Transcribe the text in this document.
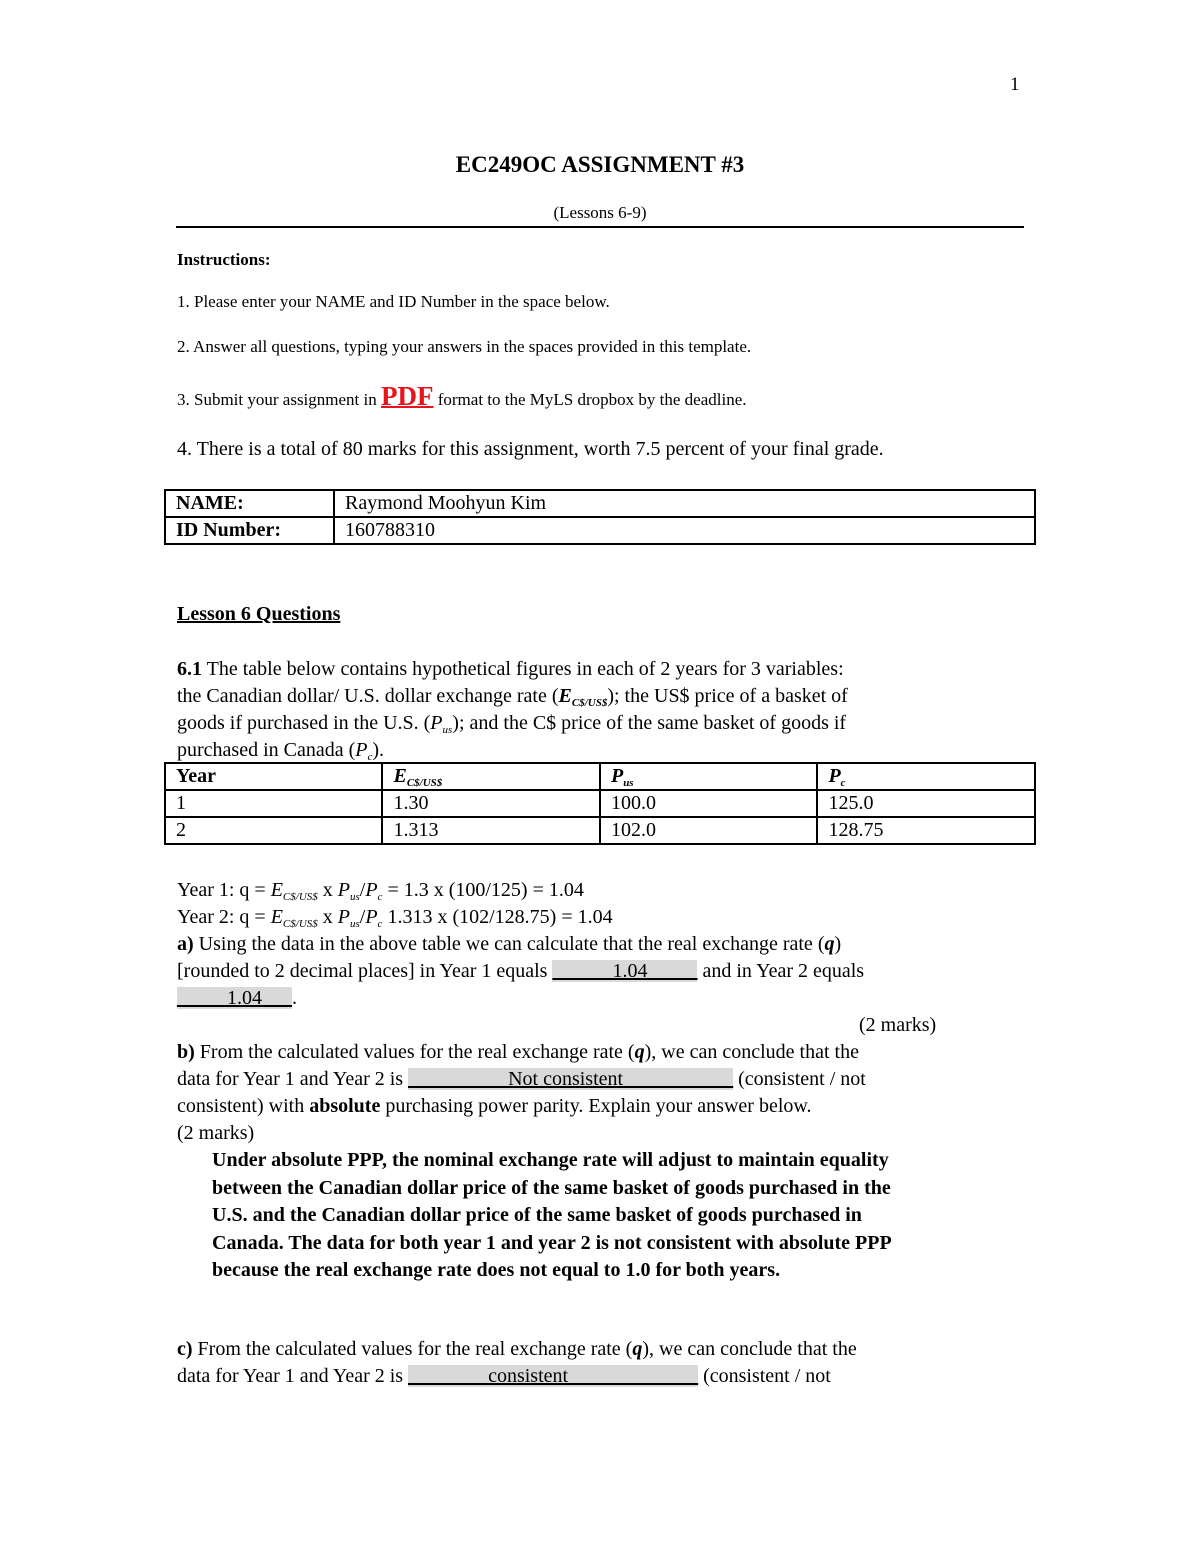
1
EC249OC ASSIGNMENT #3
(Lessons 6-9)
Instructions:
1. Please enter your NAME and ID Number in the space below.
2. Answer all questions, typing your answers in the spaces provided in this template.
3. Submit your assignment in PDF format to the MyLS dropbox by the deadline.
4. There is a total of 80 marks for this assignment, worth 7.5 percent of your final grade.
NAME:	Raymond Moohyun Kim
ID Number:	160788310
Lesson 6 Questions

6.1 The table below contains hypothetical figures in each of 2 years for 3 variables:

the Canadian dollar/ U.S. dollar exchange rate $(E_{C\$/US\$})$; the US$ price of a basket of

goods if purchased in the U.S. $(P_{us})$; and the C$ price of the same basket of goods if

purchased in Canada $(P_c)$.

Year	$E_{C\$/US\$}$	$P_{us}$	$P_c$
1	1.30	100.0	125.0
2	1.313	102.0	128.75

Year 1: $q = E_{C\$/US\$}$ x $P_{us}/P_c = 1.3$ x (100/125) = 1.04

Year 2: $q = E_{C\$/US\$}$ x $P_{us}/P_c$ 1.313 x (102/128.75) = 1.04

a) Using the data in the above table we can calculate that the real exchange rate (q)

[rounded to 2 decimal places] in Year 1 equals ______1.04_____ and in Year 2 equals

_____1.04___.

(2 marks)

b) From the calculated values for the real exchange rate (q), we can conclude that the

data for Year 1 and Year 2 is __________Not consistent___________ (consistent / not

consistent) with absolute purchasing power parity. Explain your answer below.

(2 marks)

Under absolute PPP, the nominal exchange rate will adjust to maintain equality

between the Canadian dollar price of the same basket of goods purchased in the

U.S. and the Canadian dollar price of the same basket of goods purchased in

Canada. The data for both year 1 and year 2 is not consistent with absolute PPP

because the real exchange rate does not equal to 1.0 for both years.

c) From the calculated values for the real exchange rate (q), we can conclude that the

data for Year 1 and Year 2 is ________consistent_____________ (consistent / not
